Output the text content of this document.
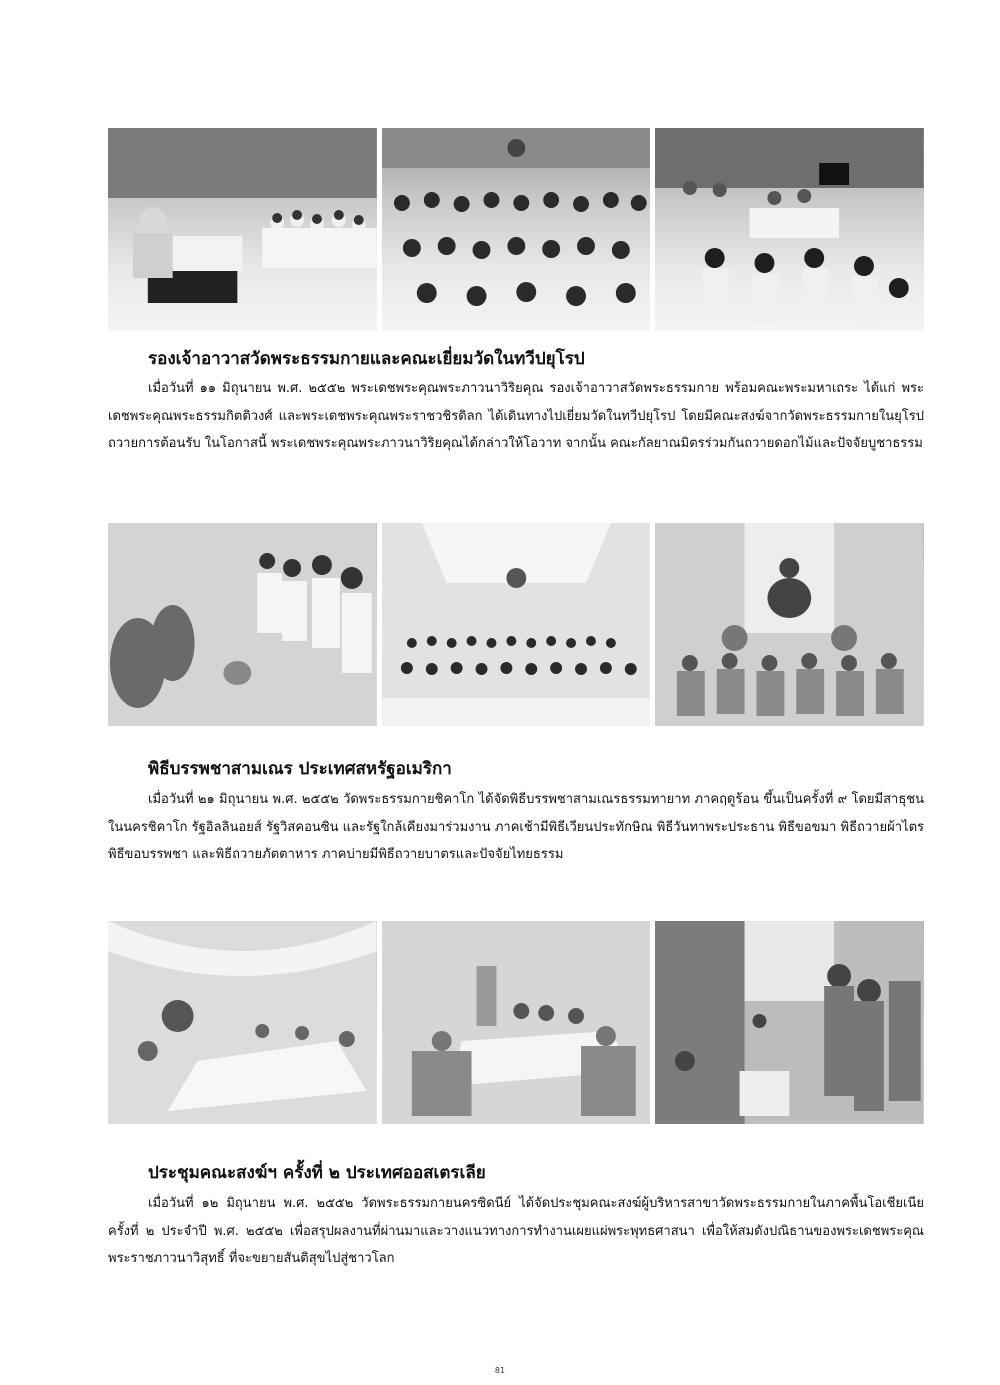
รองเจ้าอาวาสวัดพระธรรมกายและคณะเยี่ยมวัดในทวีปยุโรป

เมื่อวันที่ ๑๑ มิถุนายน พ.ศ. ๒๕๕๒ พระเดชพระคุณพระภาวนาวิริยคุณ รองเจ้าอาวาสวัดพระธรรมกาย พร้อมคณะพระมหาเถระ ได้แก่ พระเดชพระคุณพระธรรมกิตติวงศ์ และพระเดชพระคุณพระราชวชิรดิลก ได้เดินทางไปเยี่ยมวัดในทวีปยุโรป โดยมีคณะสงฆ์จากวัดพระธรรมกายในยุโรปถวายการต้อนรับ ในโอกาสนี้ พระเดชพระคุณพระภาวนาวิริยคุณได้กล่าวให้โอวาท จากนั้น คณะกัลยาณมิตรร่วมกันถวายดอกไม้และปัจจัยบูชาธรรม

พิธีบรรพชาสามเณร ประเทศสหรัฐอเมริกา

เมื่อวันที่ ๒๑ มิถุนายน พ.ศ. ๒๕๕๒ วัดพระธรรมกายชิคาโก ได้จัดพิธีบรรพชาสามเณรธรรมทายาท ภาคฤดูร้อน ขึ้นเป็นครั้งที่ ๙ โดยมีสาธุชนในนครชิคาโก รัฐอิลลินอยส์ รัฐวิสคอนซิน และรัฐใกล้เคียงมาร่วมงาน ภาคเช้ามีพิธีเวียนประทักษิณ พิธีวันทาพระประธาน พิธีขอขมา พิธีถวายผ้าไตร พิธีขอบรรพชา และพิธีถวายภัตตาหาร ภาคบ่ายมีพิธีถวายบาตรและปัจจัยไทยธรรม

ประชุมคณะสงฆ์ฯ ครั้งที่ ๒ ประเทศออสเตรเลีย

เมื่อวันที่ ๑๒ มิถุนายน พ.ศ. ๒๕๕๒ วัดพระธรรมกายนครซิดนีย์ ได้จัดประชุมคณะสงฆ์ผู้บริหารสาขาวัดพระธรรมกายในภาคพื้นโอเชียเนีย ครั้งที่ ๒ ประจำปี พ.ศ. ๒๕๕๒ เพื่อสรุปผลงานที่ผ่านมาและวางแนวทางการทำงานเผยแผ่พระพุทธศาสนา เพื่อให้สมดังปณิธานของพระเดชพระคุณพระราชภาวนาวิสุทธิ์ ที่จะขยายสันติสุขไปสู่ชาวโลก

81
